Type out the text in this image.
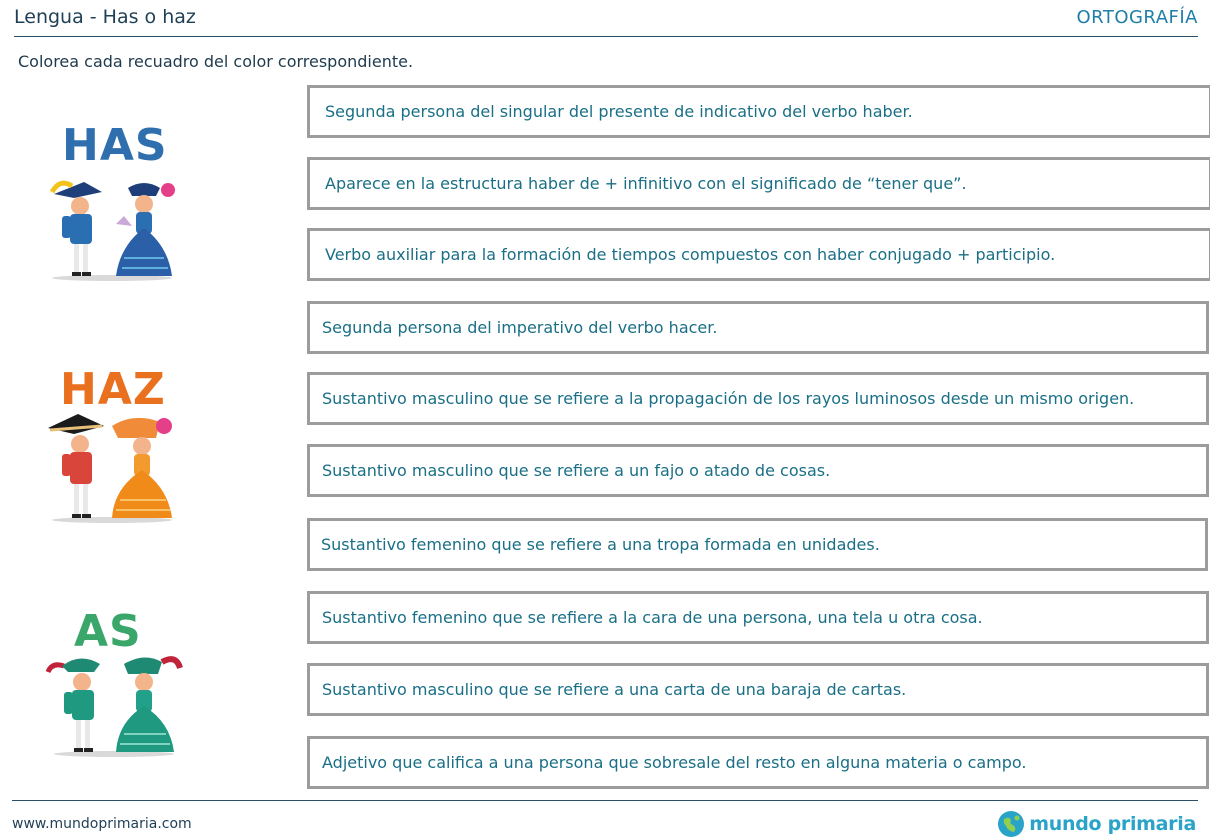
Lengua - Has o haz	ORTOGRAFÍA
Colorea cada recuadro del color correspondiente.
HAS
HAZ
AS
Segunda persona del singular del presente de indicativo del verbo haber.
Aparece en la estructura haber de + infinitivo con el significado de “tener que”.
Verbo auxiliar para la formación de tiempos compuestos con haber conjugado + participio.
Segunda persona del imperativo del verbo hacer.
Sustantivo masculino que se refiere a la propagación de los rayos luminosos desde un mismo origen.
Sustantivo masculino que se refiere a un fajo o atado de cosas.
Sustantivo femenino que se refiere a una tropa formada en unidades.
Sustantivo femenino que se refiere a la cara de una persona, una tela u otra cosa.
Sustantivo masculino que se refiere a una carta de una baraja de cartas.
Adjetivo que califica a una persona que sobresale del resto en alguna materia o campo.
www.mundoprimaria.com	mundo primaria
